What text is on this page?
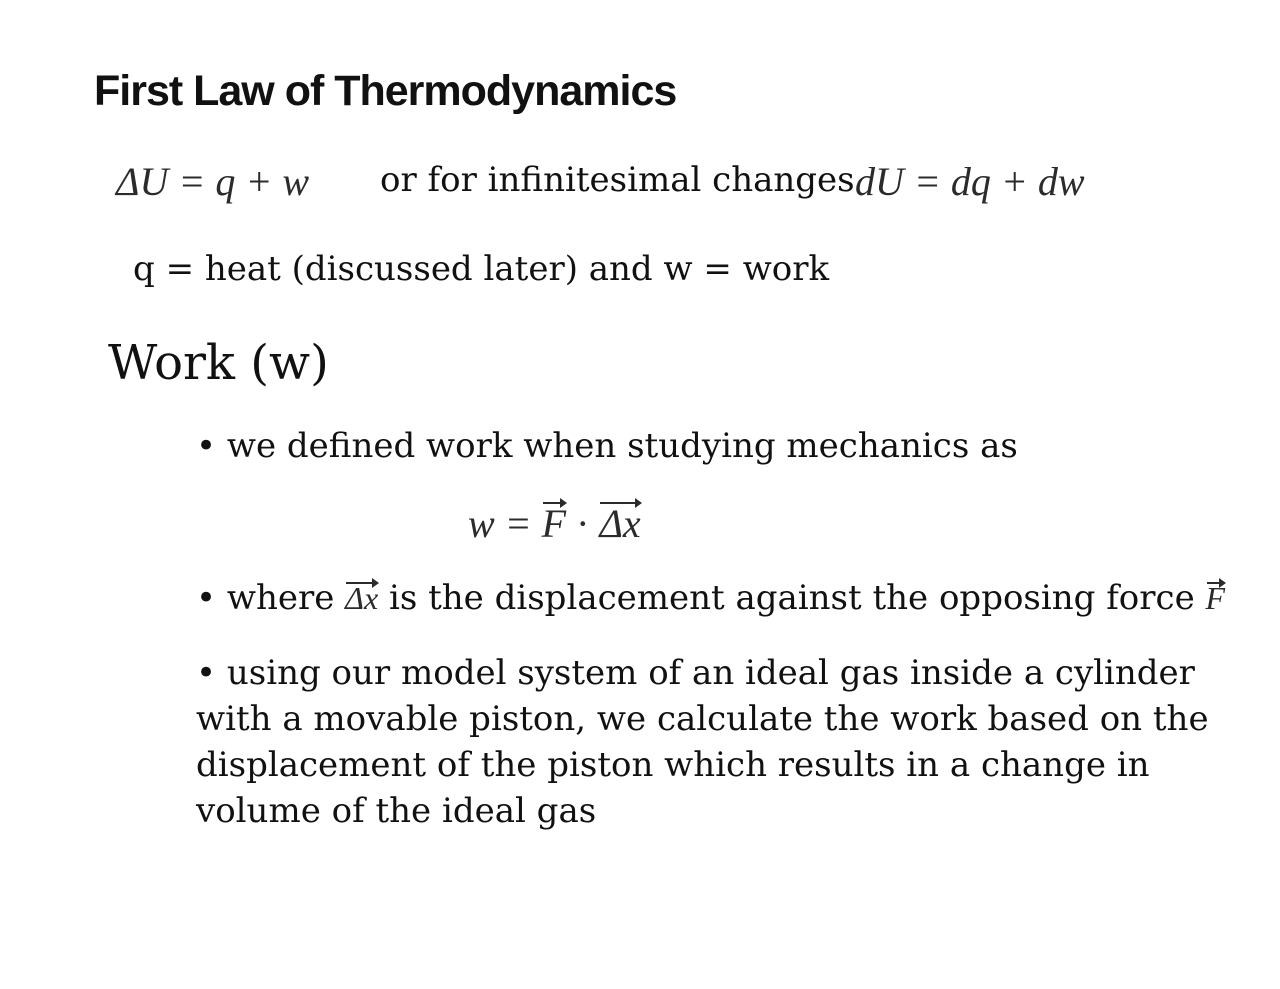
First Law of Thermodynamics
ΔU = q + w or for infinitesimal changes dU = dq + dw
q = heat (discussed later) and w = work
Work (w)
• we defined work when studying mechanics as
w = F · Δx
• where Δx is the displacement against the opposing force F
• using our model system of an ideal gas inside a cylinder
with a movable piston, we calculate the work based on the
displacement of the piston which results in a change in
volume of the ideal gas
